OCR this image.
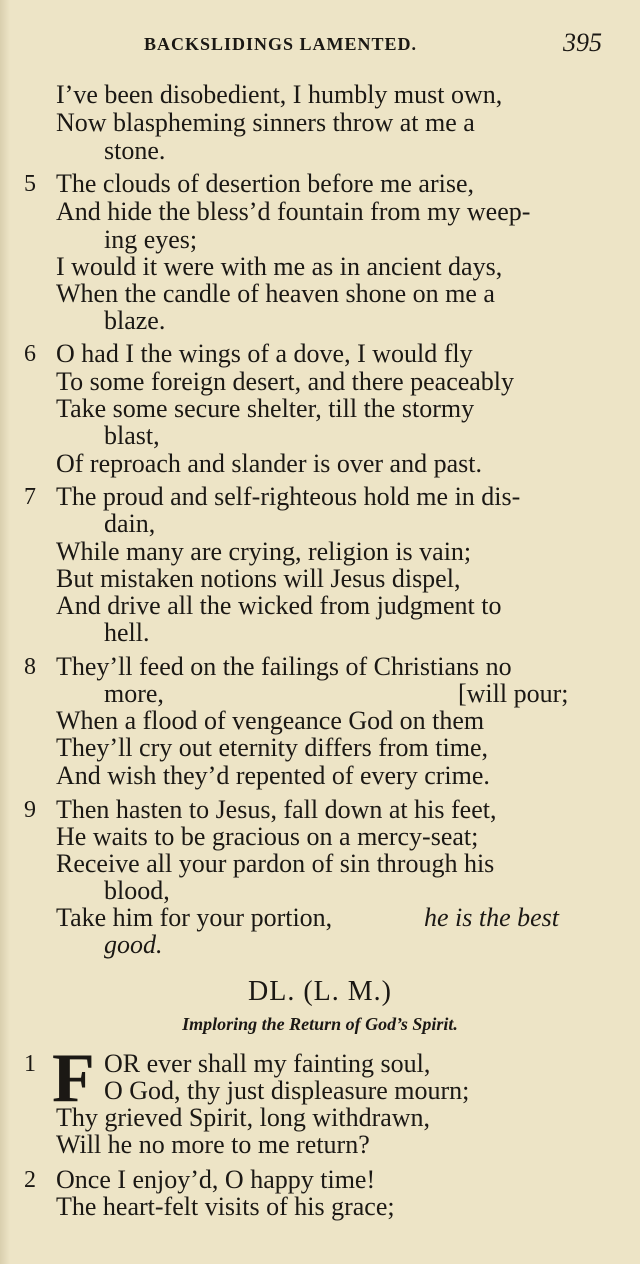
BACKSLIDINGS LAMENTED.	395
I’ve been disobedient, I humbly must own,
Now blaspheming sinners throw at me a
stone.
5 The clouds of desertion before me arise,
And hide the bless’d fountain from my weep-
ing eyes;
I would it were with me as in ancient days,
When the candle of heaven shone on me a
blaze.
6 O had I the wings of a dove, I would fly
To some foreign desert, and there peaceably
Take some secure shelter, till the stormy
blast,
Of reproach and slander is over and past.
7 The proud and self-righteous hold me in dis-
dain,
While many are crying, religion is vain;
But mistaken notions will Jesus dispel,
And drive all the wicked from judgment to
hell.
8 They’ll feed on the failings of Christians no
more,	[will pour;
When a flood of vengeance God on them
They’ll cry out eternity differs from time,
And wish they’d repented of every crime.
9 Then hasten to Jesus, fall down at his feet,
He waits to be gracious on a mercy-seat;
Receive all your pardon of sin through his
blood,
Take him for your portion,	he is the best
good.
DL. (L. M.)
Imploring the Return of God’s Spirit.
1 F OR ever shall my fainting soul,
O God, thy just displeasure mourn;
Thy grieved Spirit, long withdrawn,
Will he no more to me return?
2 Once I enjoy’d, O happy time!
The heart-felt visits of his grace;
